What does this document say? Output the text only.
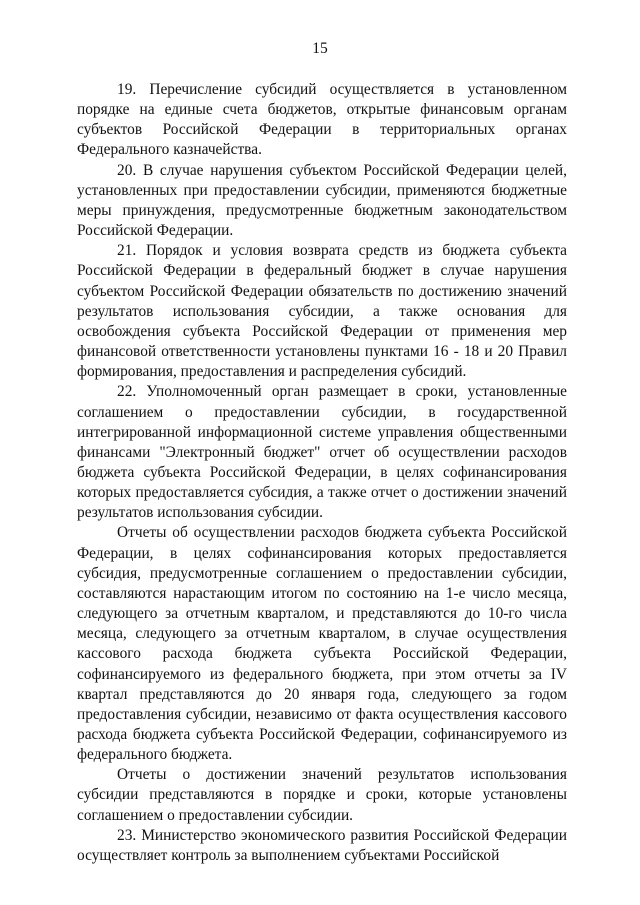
15

19. Перечисление субсидий осуществляется в установленном порядке на единые счета бюджетов, открытые финансовым органам субъектов Российской Федерации в территориальных органах Федерального казначейства.

20. В случае нарушения субъектом Российской Федерации целей, установленных при предоставлении субсидии, применяются бюджетные меры принуждения, предусмотренные бюджетным законодательством Российской Федерации.

21. Порядок и условия возврата средств из бюджета субъекта Российской Федерации в федеральный бюджет в случае нарушения субъектом Российской Федерации обязательств по достижению значений результатов использования субсидии, а также основания для освобождения субъекта Российской Федерации от применения мер финансовой ответственности установлены пунктами 16 - 18 и 20 Правил формирования, предоставления и распределения субсидий.

22. Уполномоченный орган размещает в сроки, установленные соглашением о предоставлении субсидии, в государственной интегрированной информационной системе управления общественными финансами "Электронный бюджет" отчет об осуществлении расходов бюджета субъекта Российской Федерации, в целях софинансирования которых предоставляется субсидия, а также отчет о достижении значений результатов использования субсидии.

Отчеты об осуществлении расходов бюджета субъекта Российской Федерации, в целях софинансирования которых предоставляется субсидия, предусмотренные соглашением о предоставлении субсидии, составляются нарастающим итогом по состоянию на 1-е число месяца, следующего за отчетным кварталом, и представляются до 10-го числа месяца, следующего за отчетным кварталом, в случае осуществления кассового расхода бюджета субъекта Российской Федерации, софинансируемого из федерального бюджета, при этом отчеты за IV квартал представляются до 20 января года, следующего за годом предоставления субсидии, независимо от факта осуществления кассового расхода бюджета субъекта Российской Федерации, софинансируемого из федерального бюджета.

Отчеты о достижении значений результатов использования субсидии представляются в порядке и сроки, которые установлены соглашением о предоставлении субсидии.

23. Министерство экономического развития Российской Федерации осуществляет контроль за выполнением субъектами Российской
